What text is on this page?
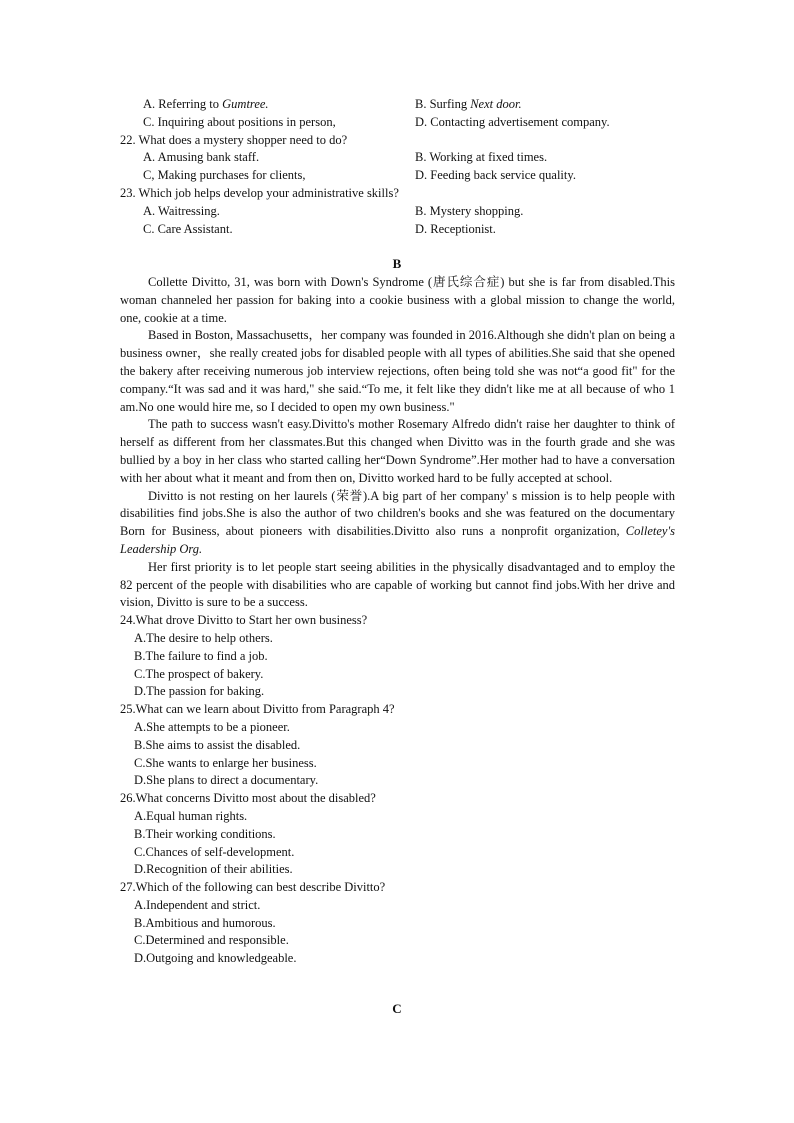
A. Referring to Gumtree.	B. Surfing Next door.
C. Inquiring about positions in person,	D. Contacting advertisement company.
22. What does a mystery shopper need to do?
A. Amusing bank staff.	B. Working at fixed times.
C, Making purchases for clients,	D. Feeding back service quality.
23. Which job helps develop your administrative skills?
A. Waitressing.	B. Mystery shopping.
C. Care Assistant.	D. Receptionist.
B

Collette Divitto, 31, was born with Down's Syndrome (唐氏综合症) but she is far from disabled.This woman channeled her passion for baking into a cookie business with a global mission to change the world, one, cookie at a time.

Based in Boston, Massachusetts，her company was founded in 2016.Although she didn't plan on being a business owner，she really created jobs for disabled people with all types of abilities.She said that she opened the bakery after receiving numerous job interview rejections, often being told she was not“a good fit" for the company.“It was sad and it was hard," she said.“To me, it felt like they didn't like me at all because of who 1 am.No one would hire me, so I decided to open my own business."

The path to success wasn't easy.Divitto's mother Rosemary Alfredo didn't raise her daughter to think of herself as different from her classmates.But this changed when Divitto was in the fourth grade and she was bullied by a boy in her class who started calling her“Down Syndrome”.Her mother had to have a conversation with her about what it meant and from then on, Divitto worked hard to be fully accepted at school.

Divitto is not resting on her laurels (荣誉).A big part of her company' s mission is to help people with disabilities find jobs.She is also the author of two children's books and she was featured on the documentary Born for Business, about pioneers with disabilities.Divitto also runs a nonprofit organization, Colletey's Leadership Org.

Her first priority is to let people start seeing abilities in the physically disadvantaged and to employ the 82 percent of the people with disabilities who are capable of working but cannot find jobs.With her drive and vision, Divitto is sure to be a success.

24.What drove Divitto to Start her own business?
A.The desire to help others.
B.The failure to find a job.
C.The prospect of bakery.
D.The passion for baking.
25.What can we learn about Divitto from Paragraph 4?
A.She attempts to be a pioneer.
B.She aims to assist the disabled.
C.She wants to enlarge her business.
D.She plans to direct a documentary.
26.What concerns Divitto most about the disabled?
A.Equal human rights.
B.Their working conditions.
C.Chances of self-development.
D.Recognition of their abilities.
27.Which of the following can best describe Divitto?
A.Independent and strict.
B.Ambitious and humorous.
C.Determined and responsible.
D.Outgoing and knowledgeable.
C
